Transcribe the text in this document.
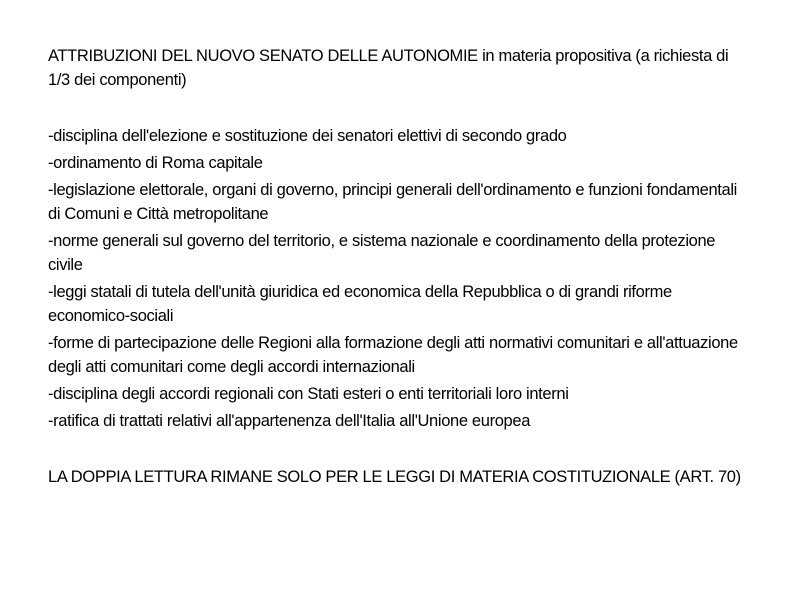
ATTRIBUZIONI DEL NUOVO SENATO DELLE AUTONOMIE in materia propositiva (a richiesta di 1/3 dei componenti)

-disciplina dell'elezione e sostituzione dei senatori elettivi di secondo grado
-ordinamento di Roma capitale
-legislazione elettorale, organi di governo, principi generali dell'ordinamento e funzioni fondamentali di Comuni e Città metropolitane
-norme generali sul governo del territorio, e sistema nazionale e coordinamento della protezione civile
-leggi statali di tutela dell'unità giuridica ed economica della Repubblica o di grandi riforme economico-sociali
-forme di partecipazione delle Regioni alla formazione degli atti normativi comunitari e all'attuazione degli atti comunitari come degli accordi internazionali
-disciplina degli accordi regionali con Stati esteri o enti territoriali loro interni
-ratifica di trattati relativi all'appartenenza dell'Italia all'Unione europea

LA DOPPIA LETTURA RIMANE SOLO PER LE LEGGI DI MATERIA COSTITUZIONALE (ART. 70)
